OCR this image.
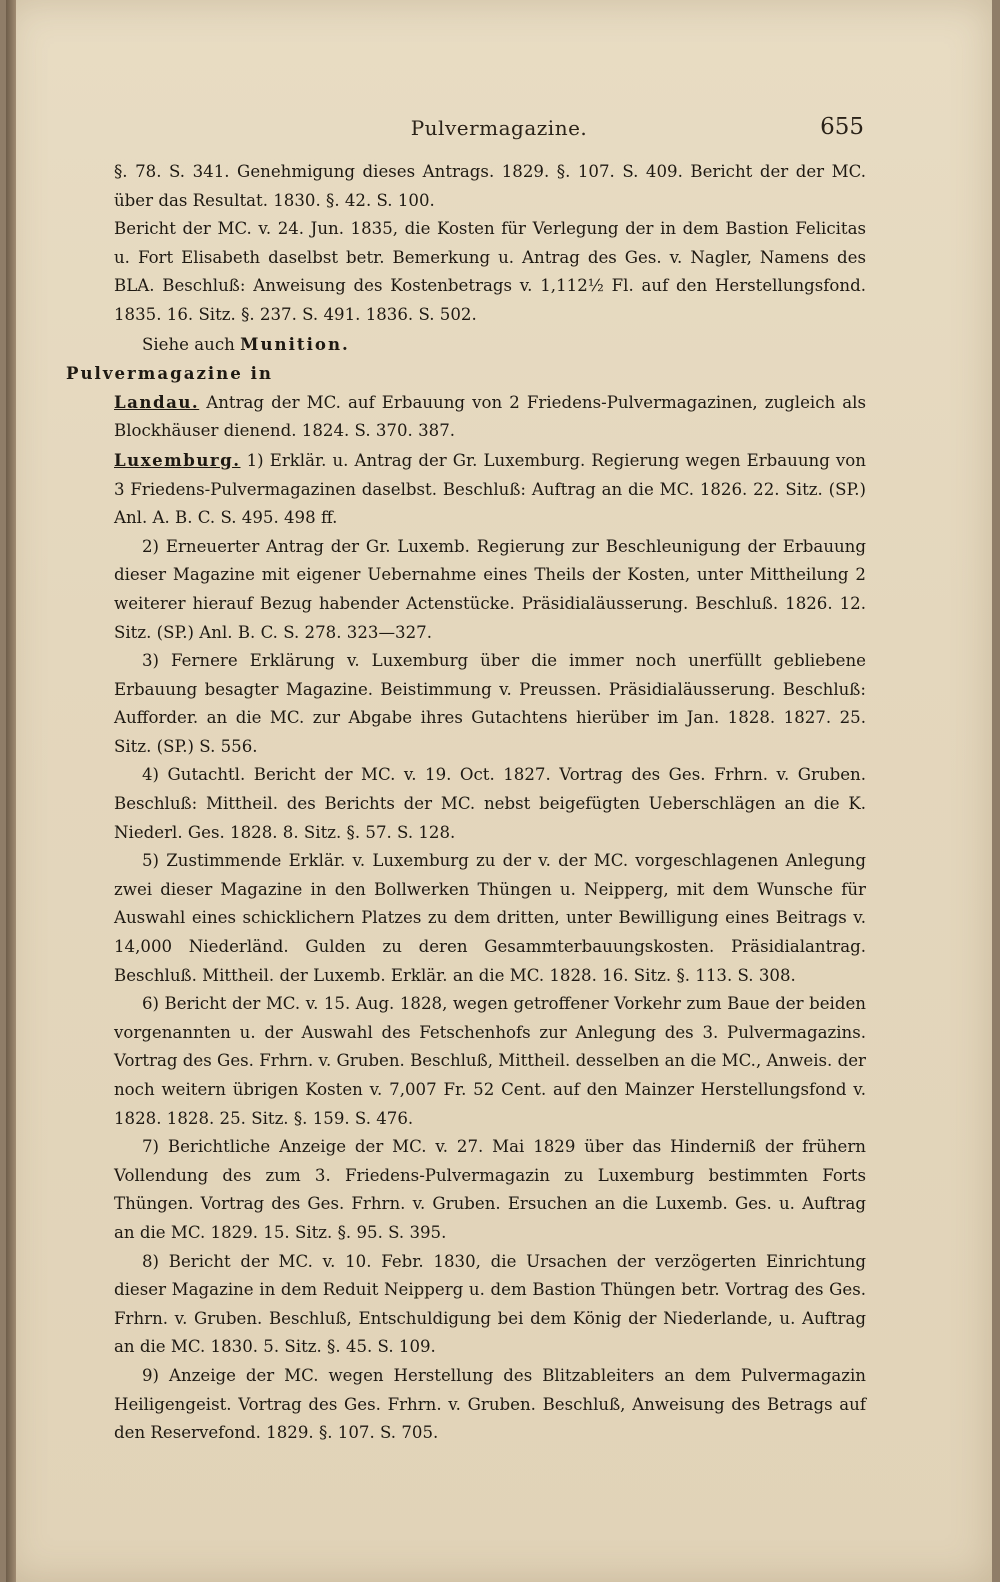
Pulvermagazine.	655

§. 78. S. 341. Genehmigung dieses Antrags. 1829. §. 107. S. 409. Bericht der der MC. über das Resultat. 1830. §. 42. S. 100.

Bericht der MC. v. 24. Jun. 1835, die Kosten für Verlegung der in dem Bastion Felicitas u. Fort Elisabeth daselbst betr. Bemerkung u. Antrag des Ges. v. Nagler, Namens des BLA. Beschluß: Anweisung des Kostenbetrags v. 1,112½ Fl. auf den Herstellungsfond. 1835. 16. Sitz. §. 237. S. 491. 1836. S. 502.

Siehe auch Munition.

Pulvermagazine in

Landau. Antrag der MC. auf Erbauung von 2 Friedens-Pulvermagazinen, zugleich als Blockhäuser dienend. 1824. S. 370. 387.

Luxemburg. 1) Erklär. u. Antrag der Gr. Luxemburg. Regierung wegen Erbauung von 3 Friedens-Pulvermagazinen daselbst. Beschluß: Auftrag an die MC. 1826. 22. Sitz. (SP.) Anl. A. B. C. S. 495. 498 ff.

2) Erneuerter Antrag der Gr. Luxemb. Regierung zur Beschleunigung der Erbauung dieser Magazine mit eigener Uebernahme eines Theils der Kosten, unter Mittheilung 2 weiterer hierauf Bezug habender Actenstücke. Präsidialäusserung. Beschluß. 1826. 12. Sitz. (SP.) Anl. B. C. S. 278. 323—327.

3) Fernere Erklärung v. Luxemburg über die immer noch unerfüllt gebliebene Erbauung besagter Magazine. Beistimmung v. Preussen. Präsidialäusserung. Beschluß: Aufforder. an die MC. zur Abgabe ihres Gutachtens hierüber im Jan. 1828. 1827. 25. Sitz. (SP.) S. 556.

4) Gutachtl. Bericht der MC. v. 19. Oct. 1827. Vortrag des Ges. Frhrn. v. Gruben. Beschluß: Mittheil. des Berichts der MC. nebst beigefügten Ueberschlägen an die K. Niederl. Ges. 1828. 8. Sitz. §. 57. S. 128.

5) Zustimmende Erklär. v. Luxemburg zu der v. der MC. vorgeschlagenen Anlegung zwei dieser Magazine in den Bollwerken Thüngen u. Neipperg, mit dem Wunsche für Auswahl eines schicklichern Platzes zu dem dritten, unter Bewilligung eines Beitrags v. 14,000 Niederländ. Gulden zu deren Gesammterbauungskosten. Präsidialantrag. Beschluß. Mittheil. der Luxemb. Erklär. an die MC. 1828. 16. Sitz. §. 113. S. 308.

6) Bericht der MC. v. 15. Aug. 1828, wegen getroffener Vorkehr zum Baue der beiden vorgenannten u. der Auswahl des Fetschenhofs zur Anlegung des 3. Pulvermagazins. Vortrag des Ges. Frhrn. v. Gruben. Beschluß, Mittheil. desselben an die MC., Anweis. der noch weitern übrigen Kosten v. 7,007 Fr. 52 Cent. auf den Mainzer Herstellungsfond v. 1828. 1828. 25. Sitz. §. 159. S. 476.

7) Berichtliche Anzeige der MC. v. 27. Mai 1829 über das Hinderniß der frühern Vollendung des zum 3. Friedens-Pulvermagazin zu Luxemburg bestimmten Forts Thüngen. Vortrag des Ges. Frhrn. v. Gruben. Ersuchen an die Luxemb. Ges. u. Auftrag an die MC. 1829. 15. Sitz. §. 95. S. 395.

8) Bericht der MC. v. 10. Febr. 1830, die Ursachen der verzögerten Einrichtung dieser Magazine in dem Reduit Neipperg u. dem Bastion Thüngen betr. Vortrag des Ges. Frhrn. v. Gruben. Beschluß, Entschuldigung bei dem König der Niederlande, u. Auftrag an die MC. 1830. 5. Sitz. §. 45. S. 109.

9) Anzeige der MC. wegen Herstellung des Blitzableiters an dem Pulvermagazin Heiligengeist. Vortrag des Ges. Frhrn. v. Gruben. Beschluß, Anweisung des Betrags auf den Reservefond. 1829. §. 107. S. 705.
